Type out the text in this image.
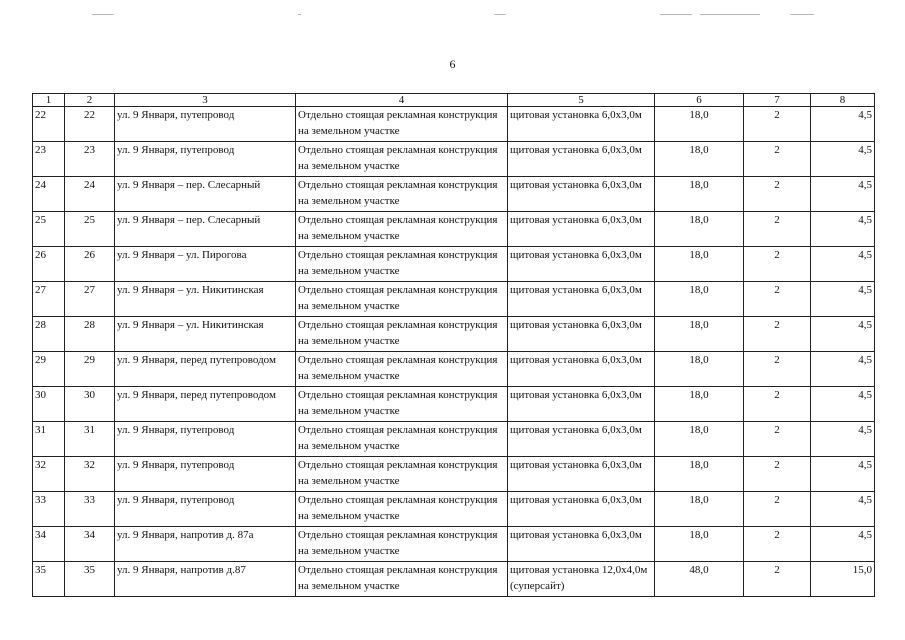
6
1	2	3	4	5	6	7	8
22	22	ул. 9 Января, путепровод	Отдельно стоящая рекламная конструкция на земельном участке	щитовая установка 6,0х3,0м	18,0	2	4,5
23	23	ул. 9 Января, путепровод	Отдельно стоящая рекламная конструкция на земельном участке	щитовая установка 6,0х3,0м	18,0	2	4,5
24	24	ул. 9 Января – пер. Слесарный	Отдельно стоящая рекламная конструкция на земельном участке	щитовая установка 6,0х3,0м	18,0	2	4,5
25	25	ул. 9 Января – пер. Слесарный	Отдельно стоящая рекламная конструкция на земельном участке	щитовая установка 6,0х3,0м	18,0	2	4,5
26	26	ул. 9 Января – ул. Пирогова	Отдельно стоящая рекламная конструкция на земельном участке	щитовая установка 6,0х3,0м	18,0	2	4,5
27	27	ул. 9 Января – ул. Никитинская	Отдельно стоящая рекламная конструкция на земельном участке	щитовая установка 6,0х3,0м	18,0	2	4,5
28	28	ул. 9 Января – ул. Никитинская	Отдельно стоящая рекламная конструкция на земельном участке	щитовая установка 6,0х3,0м	18,0	2	4,5
29	29	ул. 9 Января, перед путепроводом	Отдельно стоящая рекламная конструкция на земельном участке	щитовая установка 6,0х3,0м	18,0	2	4,5
30	30	ул. 9 Января, перед путепроводом	Отдельно стоящая рекламная конструкция на земельном участке	щитовая установка 6,0х3,0м	18,0	2	4,5
31	31	ул. 9 Января, путепровод	Отдельно стоящая рекламная конструкция на земельном участке	щитовая установка 6,0х3,0м	18,0	2	4,5
32	32	ул. 9 Января, путепровод	Отдельно стоящая рекламная конструкция на земельном участке	щитовая установка 6,0х3,0м	18,0	2	4,5
33	33	ул. 9 Января, путепровод	Отдельно стоящая рекламная конструкция на земельном участке	щитовая установка 6,0х3,0м	18,0	2	4,5
34	34	ул. 9 Января, напротив д. 87а	Отдельно стоящая рекламная конструкция на земельном участке	щитовая установка 6,0х3,0м	18,0	2	4,5
35	35	ул. 9 Января, напротив д.87	Отдельно стоящая рекламная конструкция на земельном участке	щитовая установка 12,0х4,0м (суперсайт)	48,0	2	15,0
